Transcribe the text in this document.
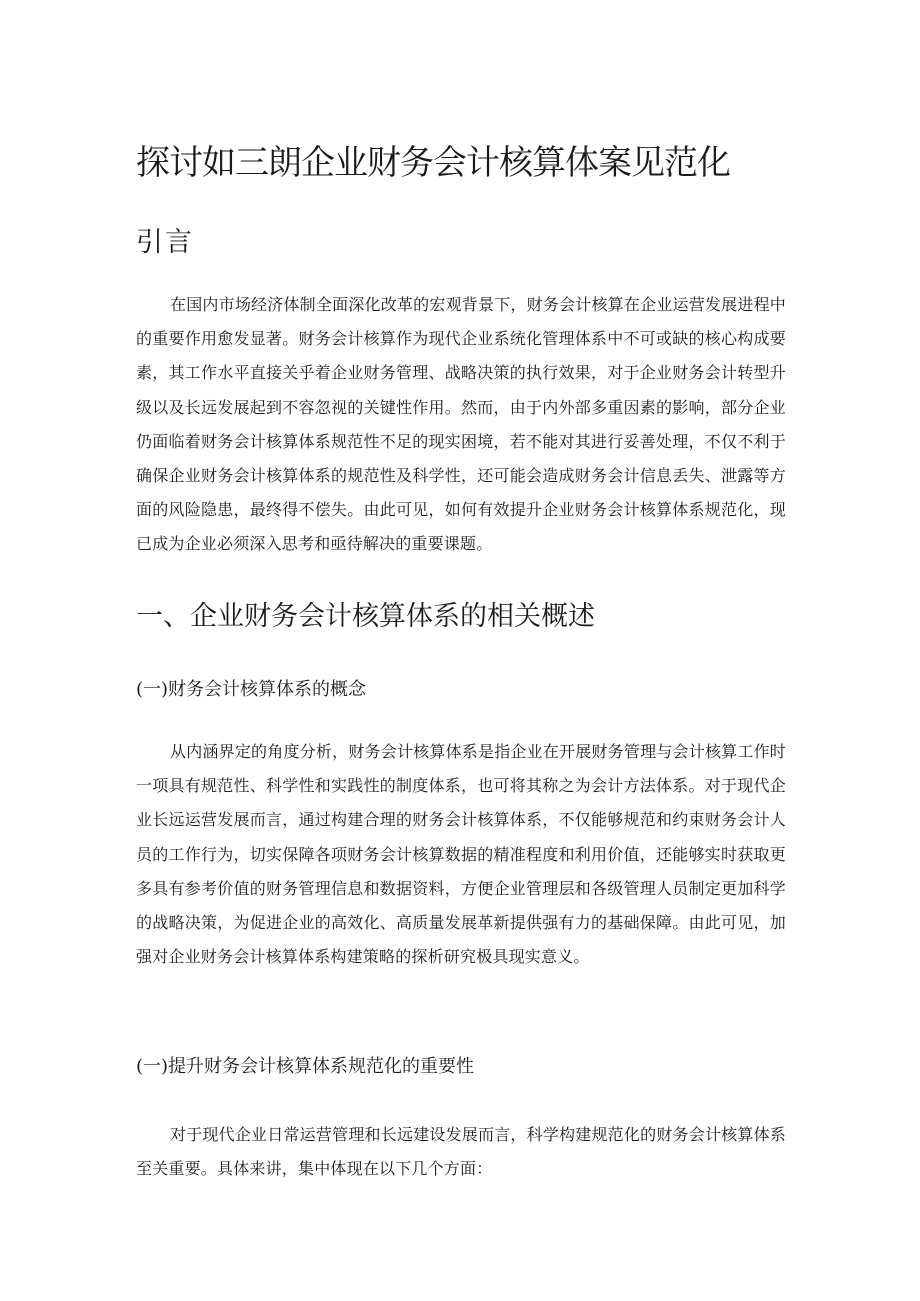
探讨如三朗企业财务会计核算体案见范化
引言

在国内市场经济体制全面深化改革的宏观背景下，财务会计核算在企业运营发展进程中的重要作用愈发显著。财务会计核算作为现代企业系统化管理体系中不可或缺的核心构成要素，其工作水平直接关乎着企业财务管理、战略决策的执行效果，对于企业财务会计转型升级以及长远发展起到不容忽视的关键性作用。然而，由于内外部多重因素的影响，部分企业仍面临着财务会计核算体系规范性不足的现实困境，若不能对其进行妥善处理，不仅不利于确保企业财务会计核算体系的规范性及科学性，还可能会造成财务会计信息丢失、泄露等方面的风险隐患，最终得不偿失。由此可见，如何有效提升企业财务会计核算体系规范化，现已成为企业必须深入思考和亟待解决的重要课题。

一、企业财务会计核算体系的相关概述
(一)财务会计核算体系的概念

从内涵界定的角度分析，财务会计核算体系是指企业在开展财务管理与会计核算工作时一项具有规范性、科学性和实践性的制度体系，也可将其称之为会计方法体系。对于现代企业长远运营发展而言，通过构建合理的财务会计核算体系，不仅能够规范和约束财务会计人员的工作行为，切实保障各项财务会计核算数据的精准程度和利用价值，还能够实时获取更多具有参考价值的财务管理信息和数据资料，方便企业管理层和各级管理人员制定更加科学的战略决策，为促进企业的高效化、高质量发展革新提供强有力的基础保障。由此可见，加强对企业财务会计核算体系构建策略的探析研究极具现实意义。

(一)提升财务会计核算体系规范化的重要性

对于现代企业日常运营管理和长远建设发展而言，科学构建规范化的财务会计核算体系至关重要。具体来讲，集中体现在以下几个方面：
